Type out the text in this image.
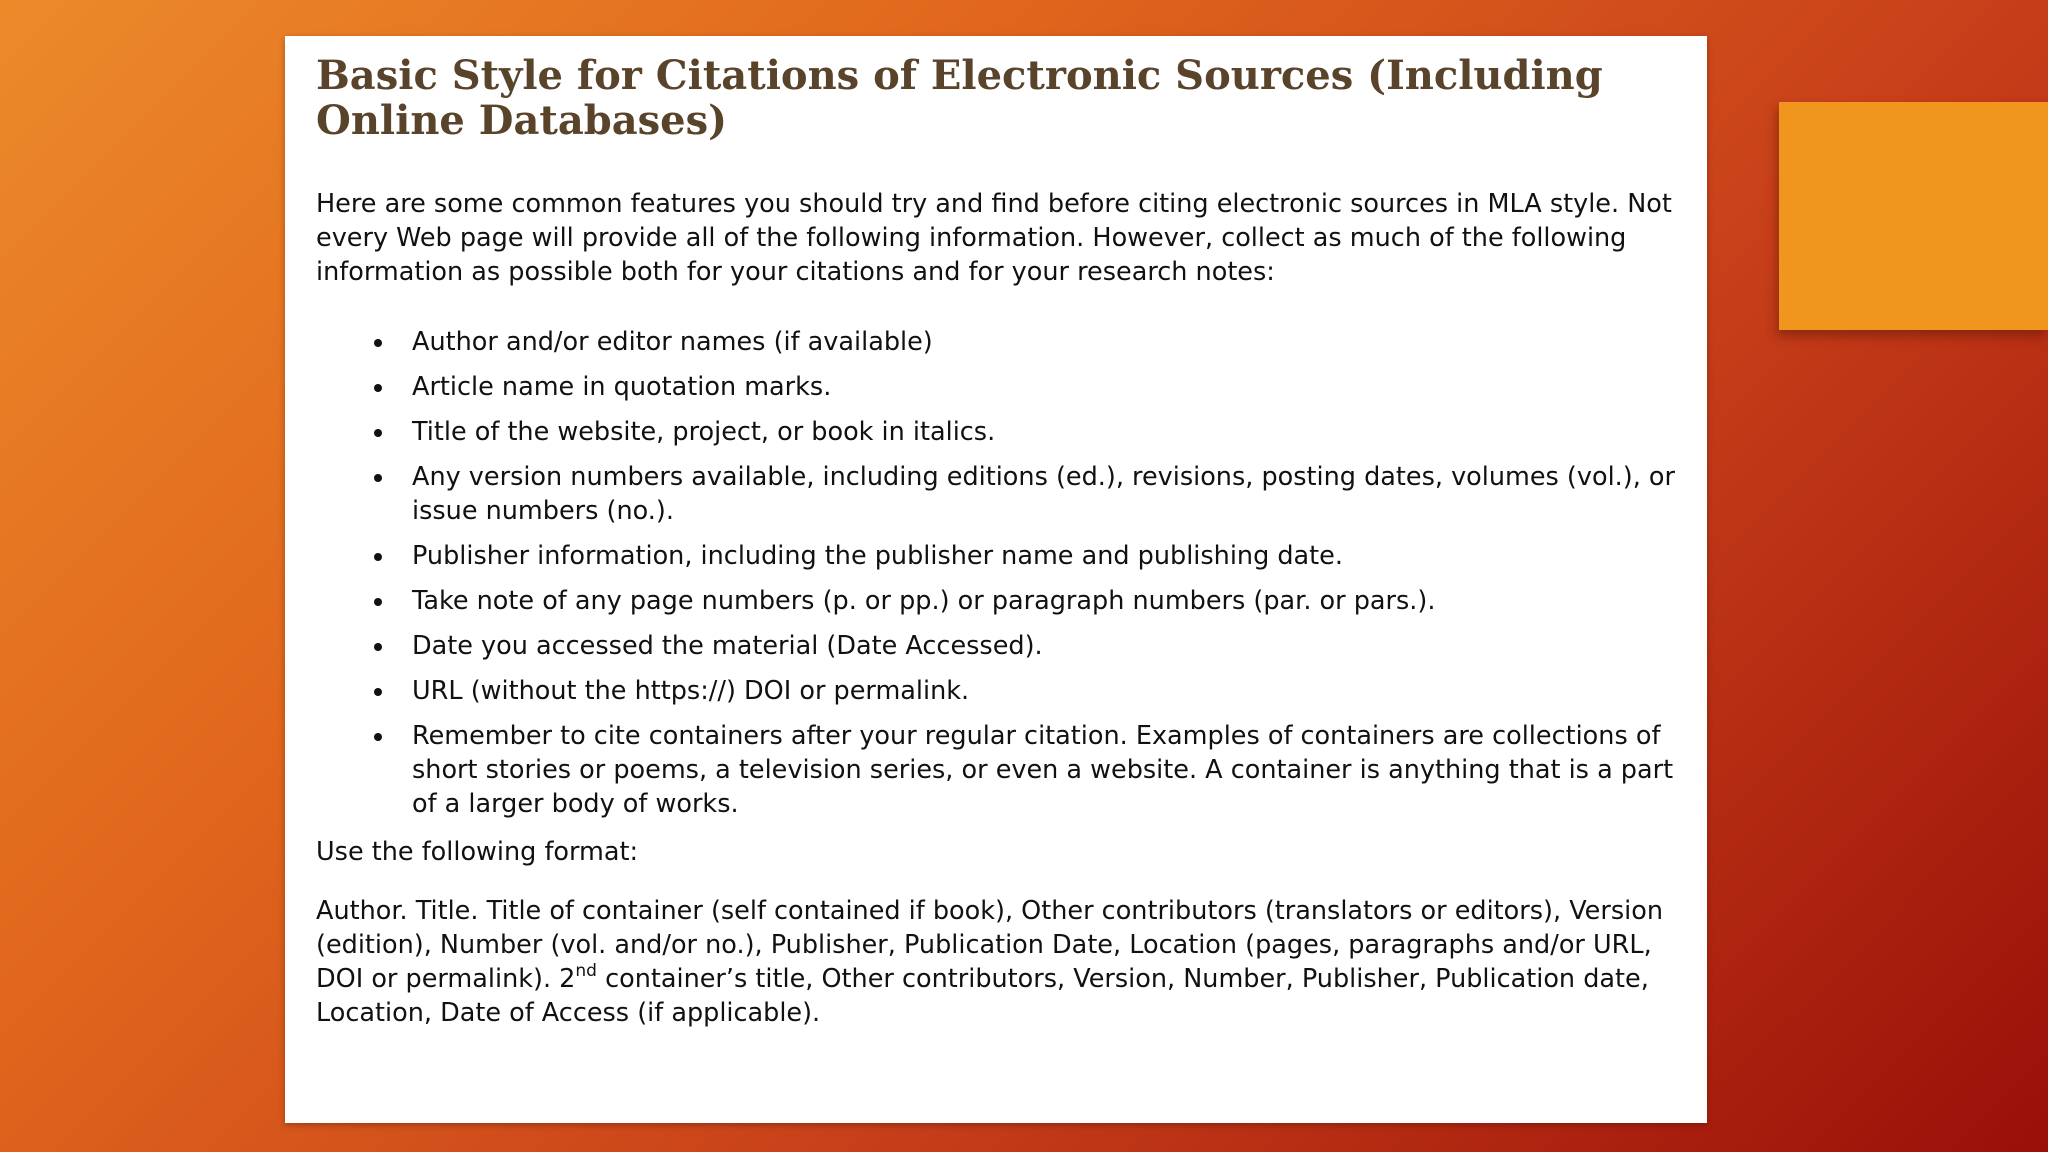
Basic Style for Citations of Electronic Sources (Including Online Databases)

Here are some common features you should try and find before citing electronic sources in MLA style. Not every Web page will provide all of the following information. However, collect as much of the following information as possible both for your citations and for your research notes:

Author and/or editor names (if available)
Article name in quotation marks.
Title of the website, project, or book in italics.
Any version numbers available, including editions (ed.), revisions, posting dates, volumes (vol.), or issue numbers (no.).
Publisher information, including the publisher name and publishing date.
Take note of any page numbers (p. or pp.) or paragraph numbers (par. or pars.).
Date you accessed the material (Date Accessed).
URL (without the https://) DOI or permalink.
Remember to cite containers after your regular citation. Examples of containers are collections of short stories or poems, a television series, or even a website. A container is anything that is a part of a larger body of works.

Use the following format:

Author. Title. Title of container (self contained if book), Other contributors (translators or editors), Version (edition), Number (vol. and/or no.), Publisher, Publication Date, Location (pages, paragraphs and/or URL, DOI or permalink). 2nd container’s title, Other contributors, Version, Number, Publisher, Publication date, Location, Date of Access (if applicable).
